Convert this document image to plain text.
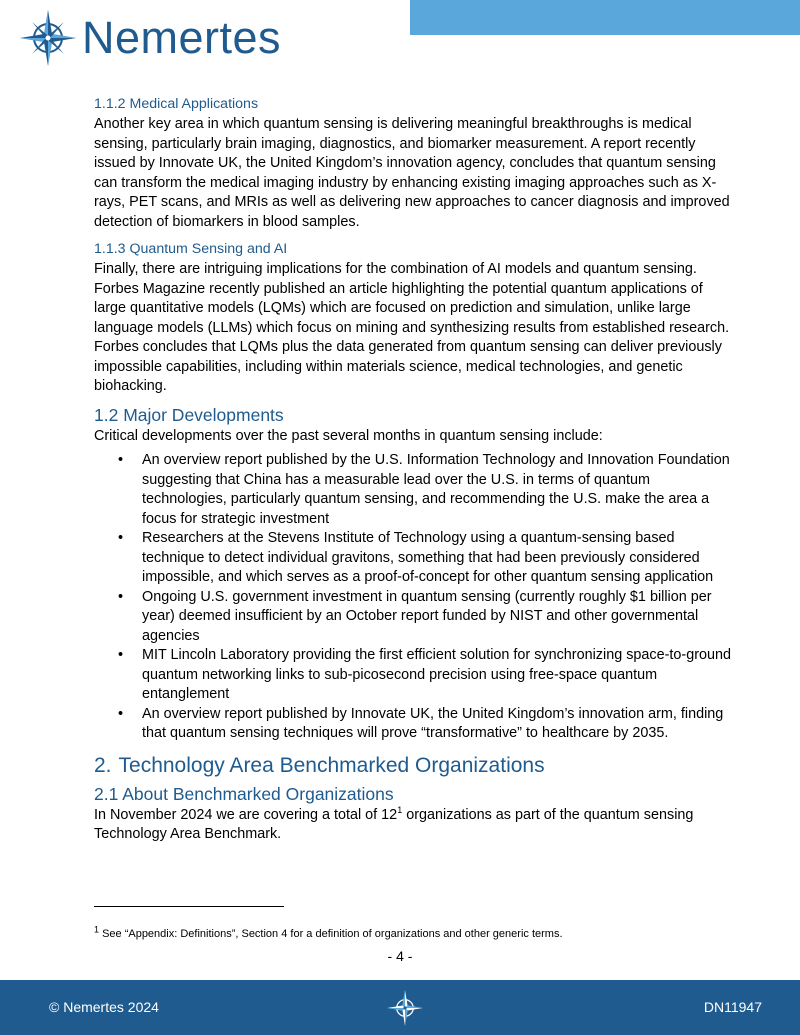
Nemertes
1.1.2 Medical Applications

Another key area in which quantum sensing is delivering meaningful breakthroughs is medical sensing, particularly brain imaging, diagnostics, and biomarker measurement. A report recently issued by Innovate UK, the United Kingdom’s innovation agency, concludes that quantum sensing can transform the medical imaging industry by enhancing existing imaging approaches such as X-rays, PET scans, and MRIs as well as delivering new approaches to cancer diagnosis and improved detection of biomarkers in blood samples.

1.1.3 Quantum Sensing and AI

Finally, there are intriguing implications for the combination of AI models and quantum sensing. Forbes Magazine recently published an article highlighting the potential quantum applications of large quantitative models (LQMs) which are focused on prediction and simulation, unlike large language models (LLMs) which focus on mining and synthesizing results from established research. Forbes concludes that LQMs plus the data generated from quantum sensing can deliver previously impossible capabilities, including within materials science, medical technologies, and genetic biohacking.

1.2 Major Developments

Critical developments over the past several months in quantum sensing include:

• An overview report published by the U.S. Information Technology and Innovation Foundation suggesting that China has a measurable lead over the U.S. in terms of quantum technologies, particularly quantum sensing, and recommending the U.S. make the area a focus for strategic investment
• Researchers at the Stevens Institute of Technology using a quantum-sensing based technique to detect individual gravitons, something that had been previously considered impossible, and which serves as a proof-of-concept for other quantum sensing application
• Ongoing U.S. government investment in quantum sensing (currently roughly $1 billion per year) deemed insufficient by an October report funded by NIST and other governmental agencies
• MIT Lincoln Laboratory providing the first efficient solution for synchronizing space-to-ground quantum networking links to sub-picosecond precision using free-space quantum entanglement
• An overview report published by Innovate UK, the United Kingdom’s innovation arm, finding that quantum sensing techniques will prove “transformative” to healthcare by 2035.
2. Technology Area Benchmarked Organizations
2.1 About Benchmarked Organizations

In November 2024 we are covering a total of $12^1$ organizations as part of the quantum sensing Technology Area Benchmark.

$^1$ See “Appendix: Definitions”, Section 4 for a definition of organizations and other generic terms.
- 4 -
© Nemertes 2024	DN11947
